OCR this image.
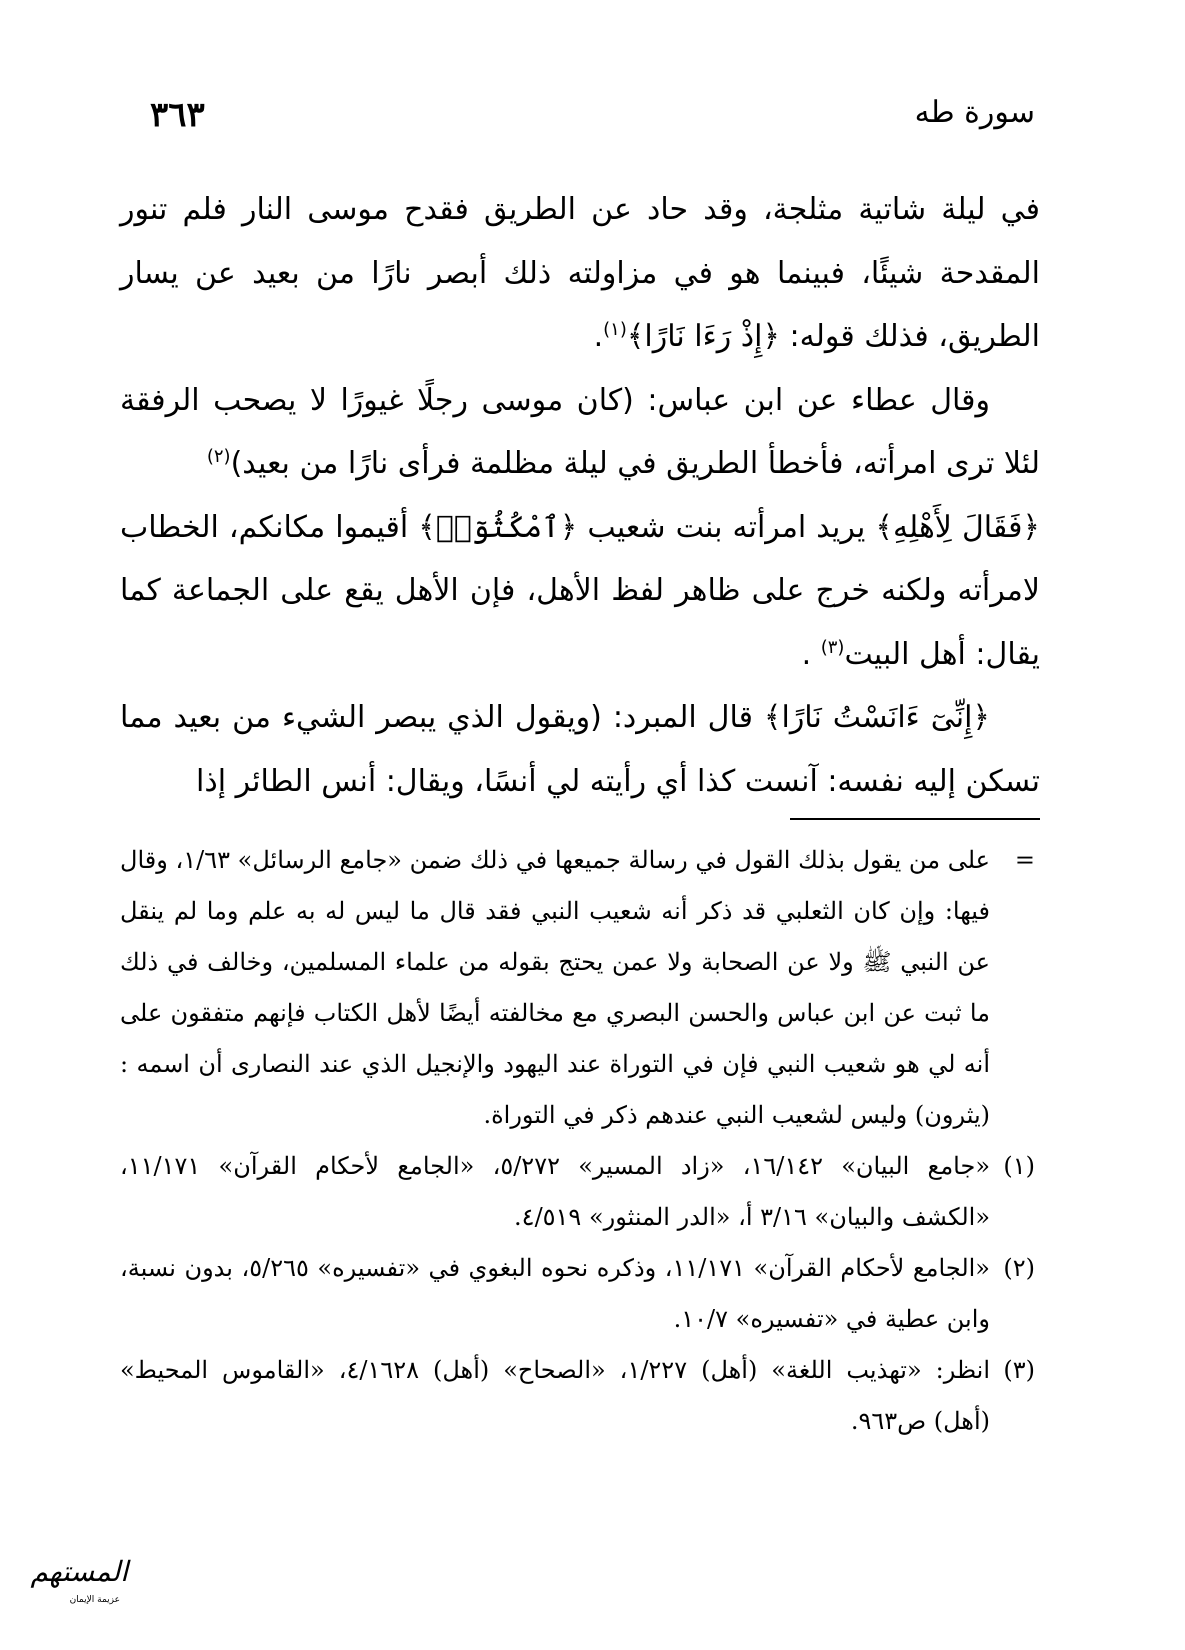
سورة طه
٣٦٣

في ليلة شاتية مثلجة، وقد حاد عن الطريق فقدح موسى النار فلم تنور المقدحة شيئًا، فبينما هو في مزاولته ذلك أبصر نارًا من بعيد عن يسار الطريق، فذلك قوله: ﴿إِذْ رَءَا نَارًا﴾$^{(١)}$.

وقال عطاء عن ابن عباس: (كان موسى رجلًا غيورًا لا يصحب الرفقة لئلا ترى امرأته، فأخطأ الطريق في ليلة مظلمة فرأى نارًا من بعيد)$^{(٢)}$

﴿فَقَالَ لِأَهْلِهِ﴾ يريد امرأته بنت شعيب ﴿ٱمْكُثُوٓا۟﴾ أقيموا مكانكم، الخطاب لامرأته ولكنه خرج على ظاهر لفظ الأهل، فإن الأهل يقع على الجماعة كما يقال: أهل البيت$^{(٣)}$ .

﴿إِنِّىٓ ءَانَسْتُ نَارًا﴾ قال المبرد: (ويقول الذي يبصر الشيء من بعيد مما تسكن إليه نفسه: آنست كذا أي رأيته لي أنسًا، ويقال: أنس الطائر إذا

=
على من يقول بذلك القول في رسالة جميعها في ذلك ضمن «جامع الرسائل» ١/٦٣، وقال فيها: وإن كان الثعلبي قد ذكر أنه شعيب النبي فقد قال ما ليس له به علم وما لم ينقل عن النبي ﷺ ولا عن الصحابة ولا عمن يحتج بقوله من علماء المسلمين، وخالف في ذلك ما ثبت عن ابن عباس والحسن البصري مع مخالفته أيضًا لأهل الكتاب فإنهم متفقون على أنه لي هو شعيب النبي فإن في التوراة عند اليهود والإنجيل الذي عند النصارى أن اسمه : (يثرون) وليس لشعيب النبي عندهم ذكر في التوراة.
(١)
«جامع البيان» ١٦/١٤٢، «زاد المسير» ٥/٢٧٢، «الجامع لأحكام القرآن» ١١/١٧١، «الكشف والبيان» ٣/١٦ أ، «الدر المنثور» ٤/٥١٩.
(٢)
«الجامع لأحكام القرآن» ١١/١٧١، وذكره نحوه البغوي في «تفسيره» ٥/٢٦٥، بدون نسبة، وابن عطية في «تفسيره» ١٠/٧.
(٣)
انظر: «تهذيب اللغة» (أهل) ١/٢٢٧، «الصحاح» (أهل) ٤/١٦٢٨، «القاموس المحيط» (أهل) ص٩٦٣.
المستهم
عزيمة الإيمان
